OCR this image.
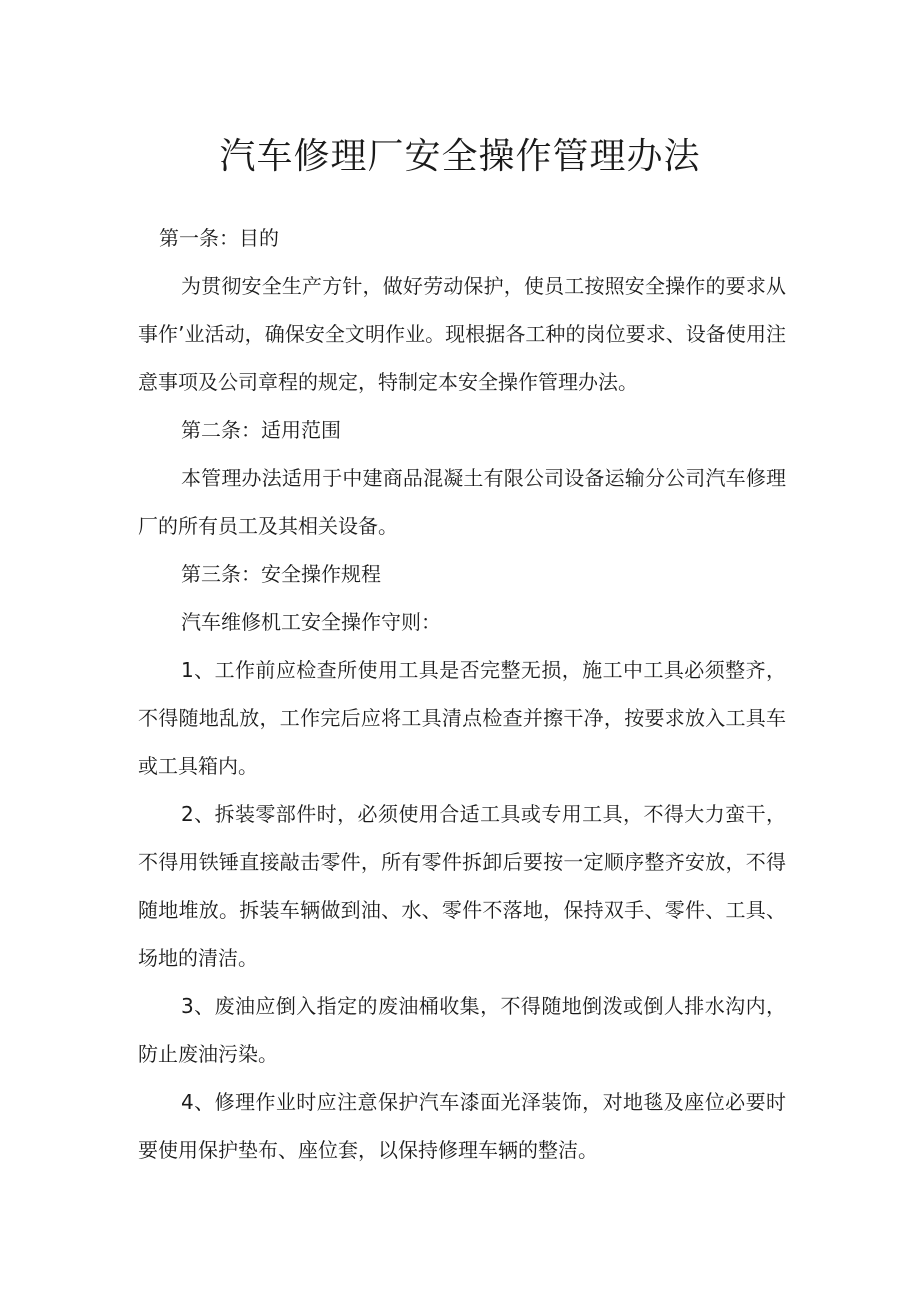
汽车修理厂安全操作管理办法

第一条：目的

为贯彻安全生产方针，做好劳动保护，使员工按照安全操作的要求从事作’业活动，确保安全文明作业。现根据各工种的岗位要求、设备使用注意事项及公司章程的规定，特制定本安全操作管理办法。

第二条：适用范围

本管理办法适用于中建商品混凝土有限公司设备运输分公司汽车修理厂的所有员工及其相关设备。

第三条：安全操作规程

汽车维修机工安全操作守则：

1、工作前应检查所使用工具是否完整无损，施工中工具必须整齐，不得随地乱放，工作完后应将工具清点检查并擦干净，按要求放入工具车或工具箱内。

2、拆装零部件时，必须使用合适工具或专用工具，不得大力蛮干，不得用铁锤直接敲击零件，所有零件拆卸后要按一定顺序整齐安放，不得随地堆放。拆装车辆做到油、水、零件不落地，保持双手、零件、工具、场地的清洁。

3、废油应倒入指定的废油桶收集，不得随地倒泼或倒人排水沟内，防止废油污染。

4、修理作业时应注意保护汽车漆面光泽装饰，对地毯及座位必要时要使用保护垫布、座位套，以保持修理车辆的整洁。
